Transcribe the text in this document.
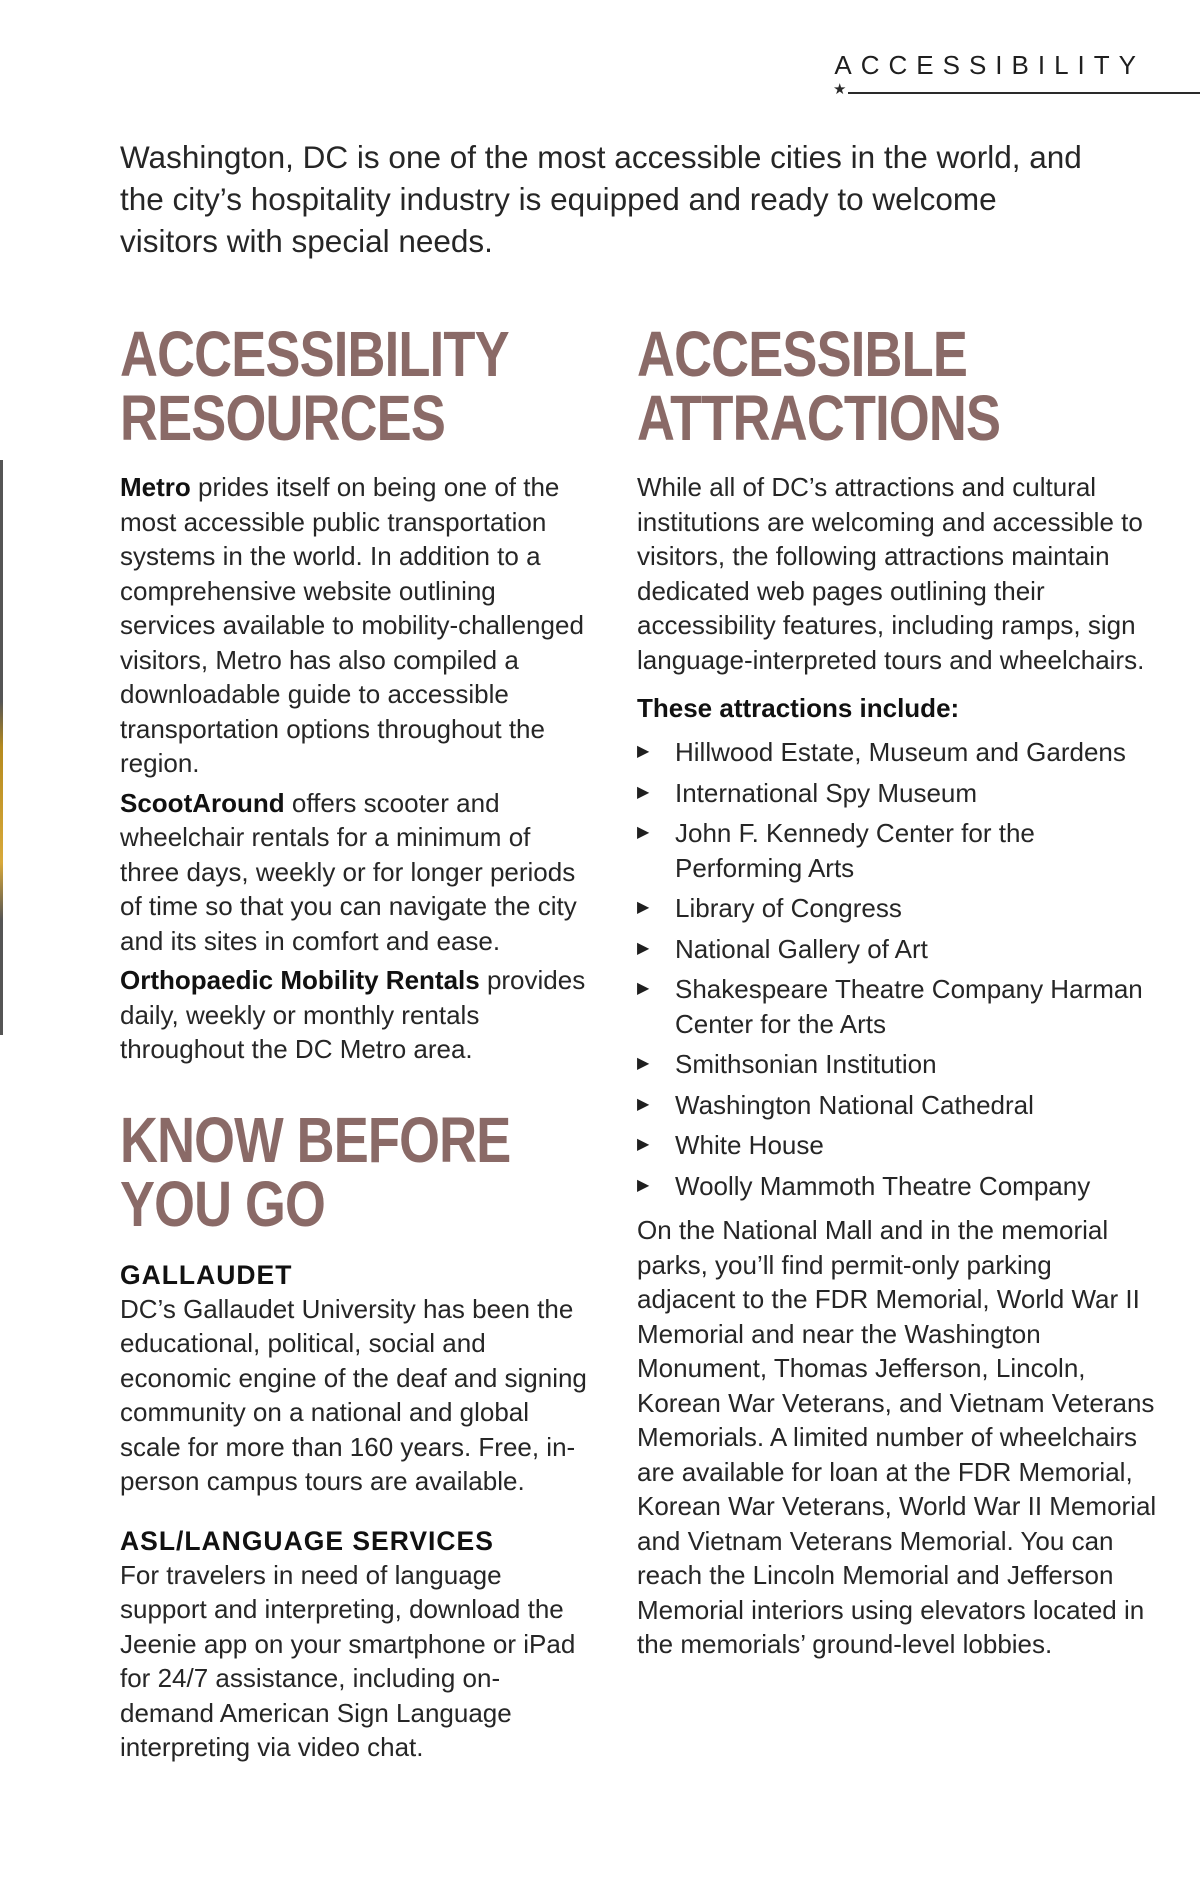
ACCESSIBILITY
★

Washington, DC is one of the most accessible cities in the world, and the city’s hospitality industry is equipped and ready to welcome visitors with special needs.

ACCESSIBILITY
RESOURCES

Metro prides itself on being one of the most accessible public transportation systems in the world. In addition to a comprehensive website outlining services available to mobility-challenged visitors, Metro has also compiled a downloadable guide to accessible transportation options throughout the region.

ScootAround offers scooter and wheelchair rentals for a minimum of three days, weekly or for longer periods of time so that you can navigate the city and its sites in comfort and ease.

Orthopaedic Mobility Rentals provides daily, weekly or monthly rentals throughout the DC Metro area.

KNOW BEFORE
YOU GO
GALLAUDET

DC’s Gallaudet University has been the educational, political, social and economic engine of the deaf and signing community on a national and global scale for more than 160 years. Free, in-person campus tours are available.

ASL/LANGUAGE SERVICES

For travelers in need of language support and interpreting, download the Jeenie app on your smartphone or iPad for 24/7 assistance, including on-demand American Sign Language interpreting via video chat.

ACCESSIBLE
ATTRACTIONS

While all of DC’s attractions and cultural institutions are welcoming and accessible to visitors, the following attractions maintain dedicated web pages outlining their accessibility features, including ramps, sign language-interpreted tours and wheelchairs.

These attractions include:
▶ Hillwood Estate, Museum and Gardens
▶ International Spy Museum
▶ John F. Kennedy Center for the Performing Arts
▶ Library of Congress
▶ National Gallery of Art
▶ Shakespeare Theatre Company Harman Center for the Arts
▶ Smithsonian Institution
▶ Washington National Cathedral
▶ White House
▶ Woolly Mammoth Theatre Company

On the National Mall and in the memorial parks, you’ll find permit-only parking adjacent to the FDR Memorial, World War II Memorial and near the Washington Monument, Thomas Jefferson, Lincoln, Korean War Veterans, and Vietnam Veterans Memorials. A limited number of wheelchairs are available for loan at the FDR Memorial, Korean War Veterans, World War II Memorial and Vietnam Veterans Memorial. You can reach the Lincoln Memorial and Jefferson Memorial interiors using elevators located in the memorials’ ground-level lobbies.
